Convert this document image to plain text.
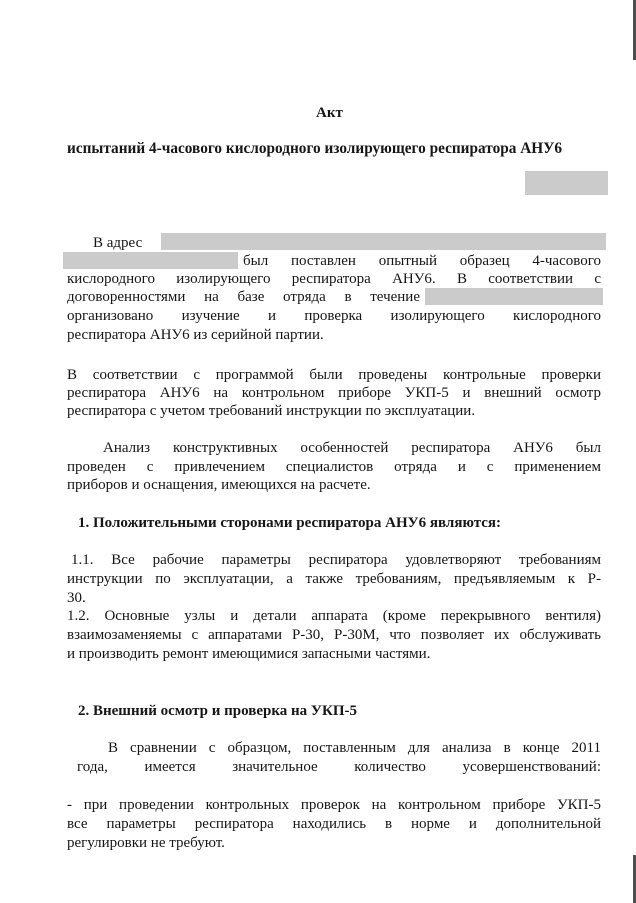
Акт
испытаний 4-часового кислородного изолирующего респиратора АНУ6
В адрес
был поставлен опытный образец 4-часового
кислородного изолирующего респиратора АНУ6. В соответствии с
договоренностями на базе отряда в течение
организовано изучение и проверка изолирующего кислородного
респиратора АНУ6 из серийной партии.
В соответствии с программой были проведены контрольные проверки
респиратора АНУ6 на контрольном приборе УКП-5 и внешний осмотр
респиратора с учетом требований инструкции по эксплуатации.
Анализ конструктивных особенностей респиратора АНУ6 был
проведен с привлечением специалистов отряда и с применением
приборов и оснащения, имеющихся на расчете.
1. Положительными сторонами респиратора АНУ6 являются:
1.1. Все рабочие параметры респиратора удовлетворяют требованиям
инструкции по эксплуатации, а также требованиям, предъявляемым к Р-
30.
1.2. Основные узлы и детали аппарата (кроме перекрывного вентиля)
взаимозаменяемы с аппаратами Р-30, Р-30М, что позволяет их обслуживать
и производить ремонт имеющимися запасными частями.
2. Внешний осмотр и проверка на УКП-5
В сравнении с образцом, поставленным для анализа в конце 2011
года, имеется значительное количество усовершенствований:
- при проведении контрольных проверок на контрольном приборе УКП-5
все параметры респиратора находились в норме и дополнительной
регулировки не требуют.
